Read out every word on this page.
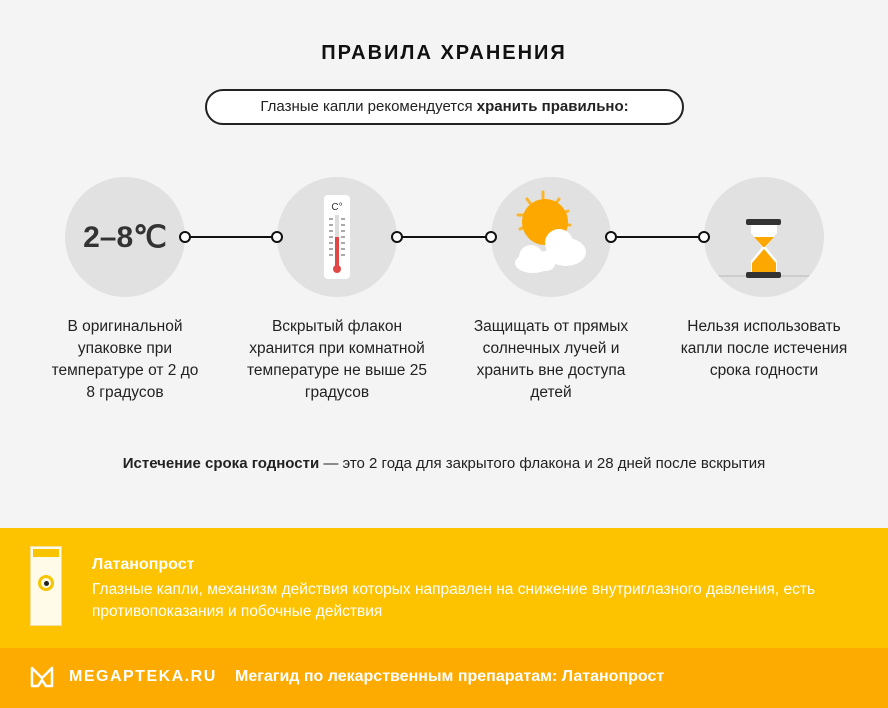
ПРАВИЛА ХРАНЕНИЯ
Глазные капли рекомендуется хранить правильно:
2–8℃
C°
В оригинальной упаковке при температуре от 2 до 8 градусов
Вскрытый флакон хранится при комнатной температуре не выше 25 градусов
Защищать от прямых солнечных лучей и хранить вне доступа детей
Нельзя использовать капли после истечения срока годности
Истечение срока годности — это 2 года для закрытого флакона и 28 дней после вскрытия
Латанопрост
Глазные капли, механизм действия которых направлен на снижение внутриглазного давления, есть противопоказания и побочные действия
MEGAPTEKA.RU Мегагид по лекарственным препаратам: Латанопрост
